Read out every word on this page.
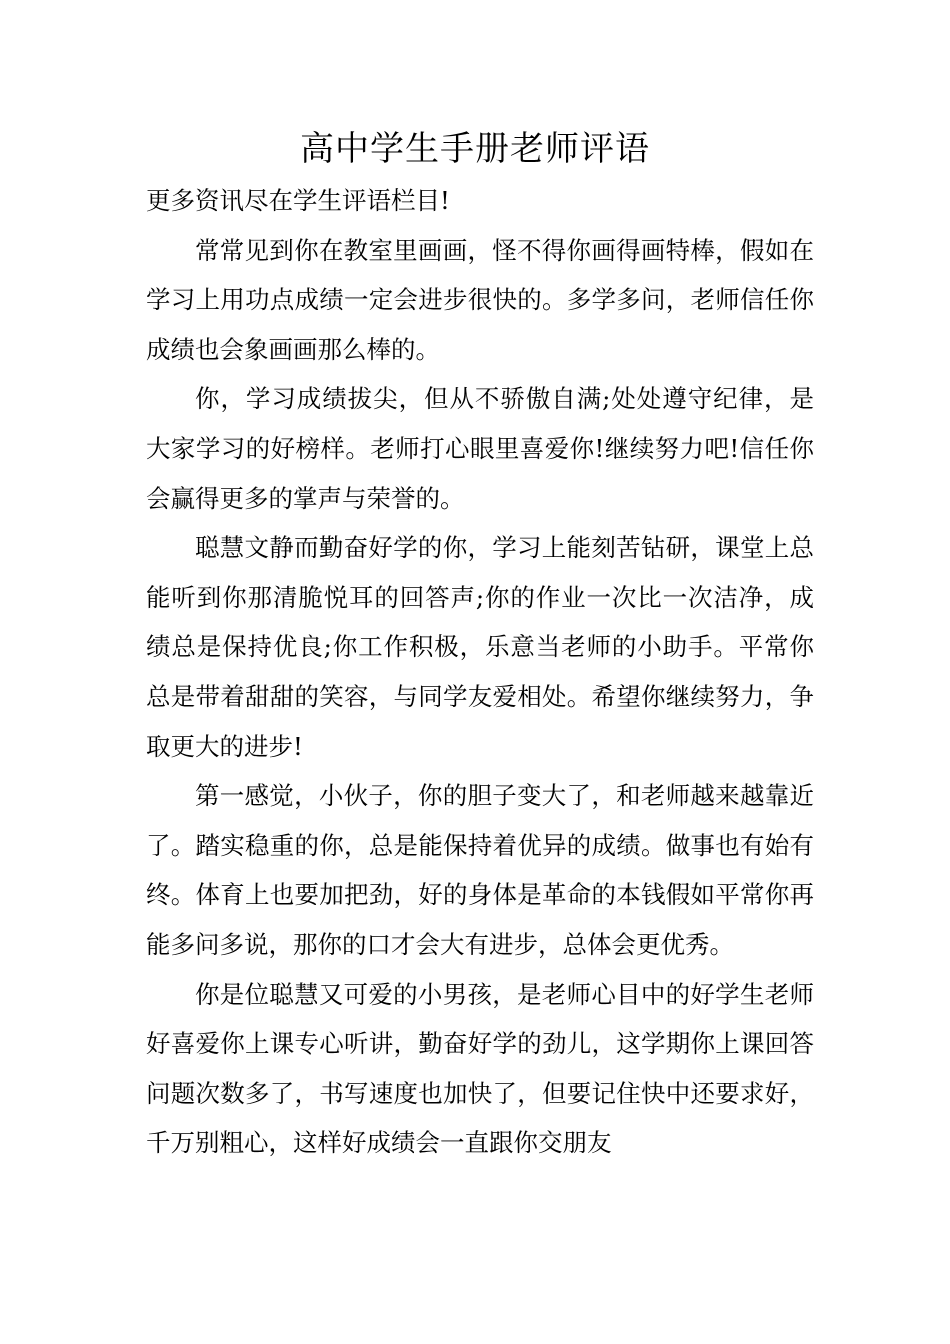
高中学生手册老师评语

更多资讯尽在学生评语栏目!

常常见到你在教室里画画，怪不得你画得画特棒，假如在学习上用功点成绩一定会进步很快的。多学多问，老师信任你成绩也会象画画那么棒的。

你，学习成绩拔尖，但从不骄傲自满;处处遵守纪律，是大家学习的好榜样。老师打心眼里喜爱你!继续努力吧!信任你会赢得更多的掌声与荣誉的。

聪慧文静而勤奋好学的你，学习上能刻苦钻研，课堂上总能听到你那清脆悦耳的回答声;你的作业一次比一次洁净，成绩总是保持优良;你工作积极，乐意当老师的小助手。平常你总是带着甜甜的笑容，与同学友爱相处。希望你继续努力，争取更大的进步!

第一感觉，小伙子，你的胆子变大了，和老师越来越靠近了。踏实稳重的你，总是能保持着优异的成绩。做事也有始有终。体育上也要加把劲，好的身体是革命的本钱假如平常你再能多问多说，那你的口才会大有进步，总体会更优秀。

你是位聪慧又可爱的小男孩，是老师心目中的好学生老师好喜爱你上课专心听讲，勤奋好学的劲儿，这学期你上课回答问题次数多了，书写速度也加快了，但要记住快中还要求好，千万别粗心，这样好成绩会一直跟你交朋友
